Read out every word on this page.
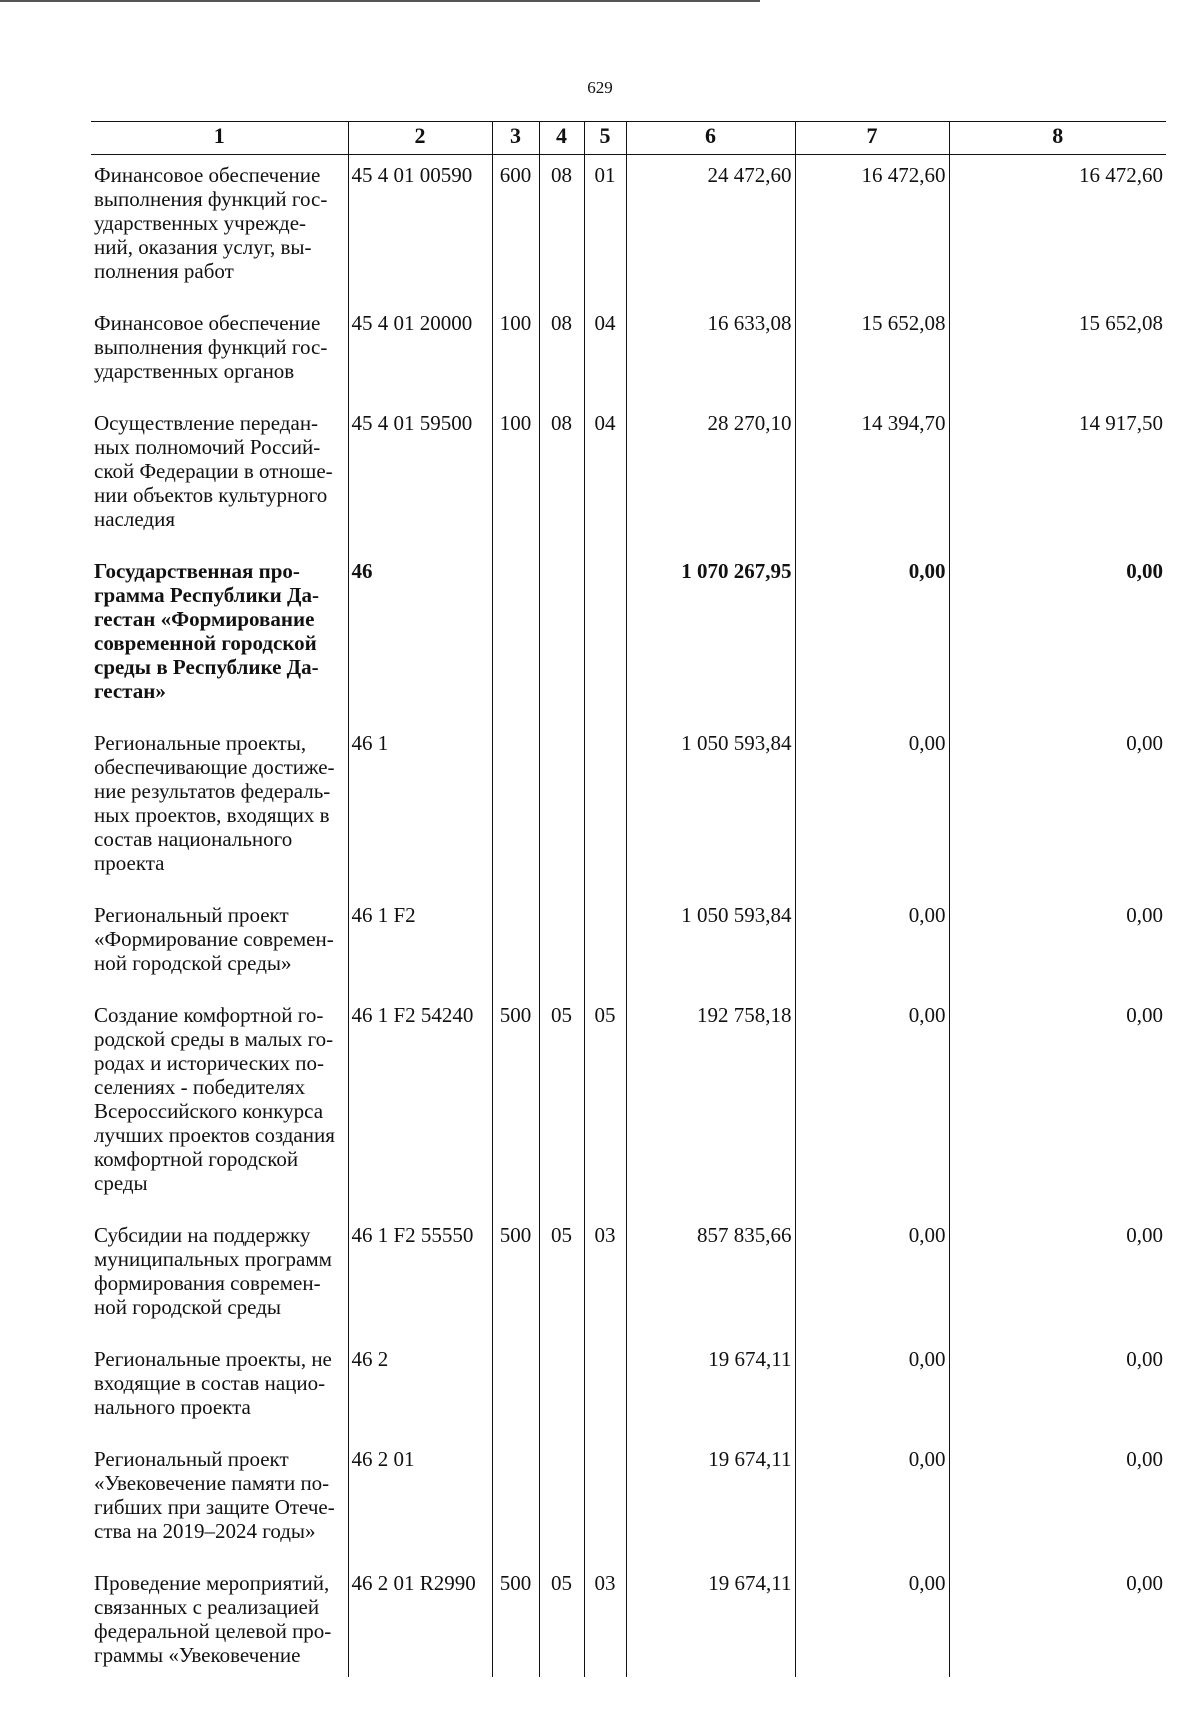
629
1	2	3	4	5	6	7	8
Финансовое обеспечение выполнения функций гос-ударственных учрежде-ний, оказания услуг, вы-полнения работ	45 4 01 00590	600	08	01	24 472,60	16 472,60	16 472,60
Финансовое обеспечение выполнения функций гос-ударственных органов	45 4 01 20000	100	08	04	16 633,08	15 652,08	15 652,08
Осуществление передан-ных полномочий Россий-ской Федерации в отноше-нии объектов культурного наследия	45 4 01 59500	100	08	04	28 270,10	14 394,70	14 917,50
Государственная про-грамма Республики Да-гестан «Формирование современной городской среды в Республике Да-гестан»	46				1 070 267,95	0,00	0,00
Региональные проекты, обеспечивающие достиже-ние результатов федераль-ных проектов, входящих в состав национального проекта	46 1				1 050 593,84	0,00	0,00
Региональный проект «Формирование современ-ной городской среды»	46 1 F2				1 050 593,84	0,00	0,00
Создание комфортной го-родской среды в малых го-родах и исторических по-селениях - победителях Всероссийского конкурса лучших проектов создания комфортной городской среды	46 1 F2 54240	500	05	05	192 758,18	0,00	0,00
Субсидии на поддержку муниципальных программ формирования современ-ной городской среды	46 1 F2 55550	500	05	03	857 835,66	0,00	0,00
Региональные проекты, не входящие в состав нацио-нального проекта	46 2				19 674,11	0,00	0,00
Региональный проект «Увековечение памяти по-гибших при защите Отече-ства на 2019–2024 годы»	46 2 01				19 674,11	0,00	0,00
Проведение мероприятий, связанных с реализацией федеральной целевой про-граммы «Увековечение	46 2 01 R2990	500	05	03	19 674,11	0,00	0,00
